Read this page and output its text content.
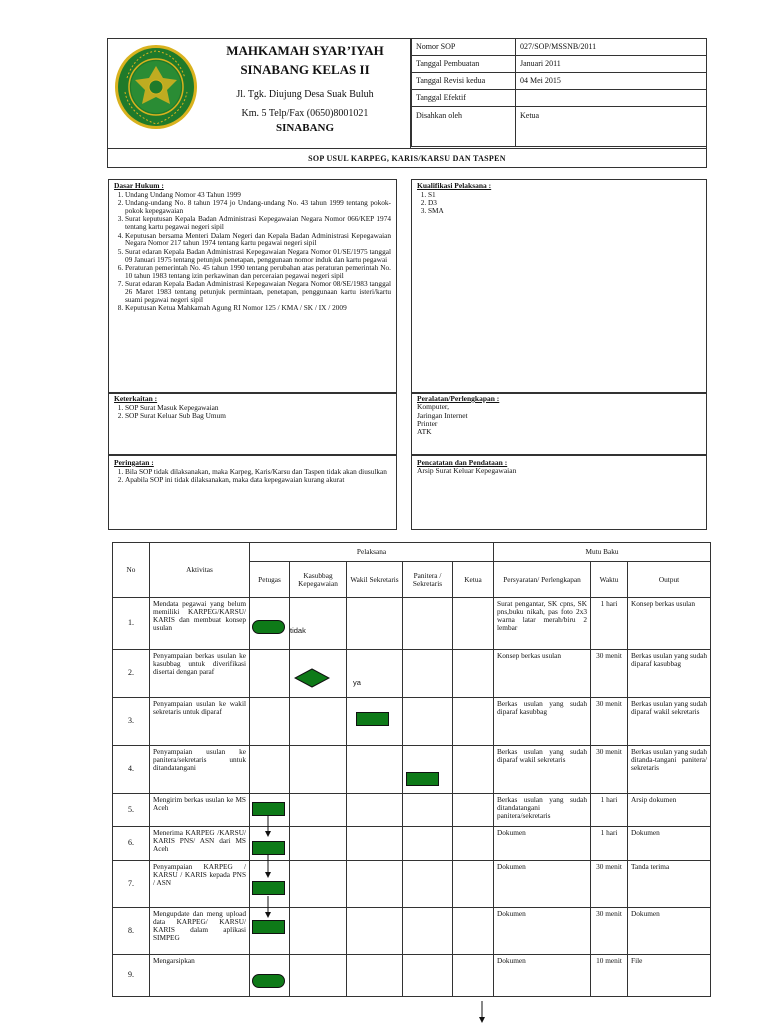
MAHKAMAH SYAR’IYAH
SINABANG KELAS II
Jl. Tgk. Diujung Desa Suak Buluh
Km. 5 Telp/Fax (0650)8001021
SINABANG
Nomor SOP	027/SOP/MSSNB/2011
Tanggal Pembuatan	Januari 2011
Tanggal Revisi kedua	04 Mei 2015
Tanggal Efektif	
Disahkan oleh	Ketua
SOP USUL KARPEG, KARIS/KARSU DAN TASPEN
Dasar Hukum :
1. Undang Undang Nomor 43 Tahun 1999
2. Undang-undang No. 8 tahun 1974 jo Undang-undang No. 43 tahun 1999 tentang pokok-pokok kepegawaian
3. Surat keputusan Kepala Badan Administrasi Kepegawaian Negara Nomor 066/KEP 1974 tentang kartu pegawai negeri sipil
4. Keputusan bersama Menteri Dalam Negeri dan Kepala Badan Administrasi Kepegawaian Negara Nomor 217 tahun 1974 tentang kartu pegawai negeri sipil
5. Surat edaran Kepala Badan Administrasi Kepegawaian Negara Nomor 01/SE/1975 tanggal 09 Januari 1975 tentang petunjuk penetapan, penggunaan nomor induk dan kartu pegawai
6. Peraturan pemerintah No. 45 tahun 1990 tentang perubahan atas peraturan pemerintah No. 10 tahun 1983 tentang izin perkawinan dan perceraian pegawai negeri sipil
7. Surat edaran Kepala Badan Administrasi Kepegawaian Negara Nomor 08/SE/1983 tanggal 26 Maret 1983 tentang petunjuk permintaan, penetapan, penggunaan kartu isteri/kartu suami pegawai negeri sipil
8. Keputusan Ketua Mahkamah Agung RI Nomor 125 / KMA / SK / IX / 2009
Keterkaitan :
1. SOP Surat Masuk Kepegawaian
2. SOP Surat Keluar Sub Bag Umum
Peringatan :
1. Bila SOP tidak dilaksanakan, maka Karpeg, Karis/Karsu dan Taspen tidak akan diusulkan
2. Apabila SOP ini tidak dilaksanakan, maka data kepegawaian kurang akurat
Kualifikasi Pelaksana :
1. S1
2. D3
3. SMA
Peralatan/Perlengkapan :
Komputer,
Jaringan Internet
Printer
ATK
Pencatatan dan Pendataan :
Arsip Surat Keluar Kepegawaian
No	Aktivitas	Pelaksana					Mutu Baku		
		Petugas	Kasubbag Kepegawaian	Wakil Sekretaris	Panitera / Sekretaris	Ketua	Persyaratan/ Perlengkapan	Waktu	Output
1.	Mendata pegawai yang belum memiliki KARPEG/KARSU/ KARIS dan membuat konsep usulan		tidak				Surat pengantar, SK cpns, SK pns,buku nikah, pas foto 2x3 warna latar merah/biru 2 lembar	1 hari	Konsep berkas usulan
2.	Penyampaian berkas usulan ke kasubbag untuk diverifikasi disertai dengan paraf			ya			Konsep berkas usulan	30 menit	Berkas usulan yang sudah diparaf kasubbag
3.	Penyampaian usulan ke wakil sekretaris untuk diparaf						Berkas usulan yang sudah diparaf kasubbag	30 menit	Berkas usulan yang sudah diparaf wakil sekretaris
4.	Penyampaian usulan ke panitera/sekretaris untuk ditandatangani						Berkas usulan yang sudah diparaf wakil sekretaris	30 menit	Berkas usulan yang sudah ditanda-tangani panitera/ sekretaris
5.	Mengirim berkas usulan ke MS Aceh						Berkas usulan yang sudah ditandatangani panitera/sekretaris	1 hari	Arsip dokumen
6.	Menerima KARPEG /KARSU/ KARIS PNS/ ASN dari MS Aceh						Dokumen	1 hari	Dokumen
7.	Penyampaian KARPEG / KARSU / KARIS kepada PNS / ASN						Dokumen	30 menit	Tanda terima
8.	Mengupdate dan meng upload data KARPEG/ KARSU/ KARIS dalam aplikasi SIMPEG						Dokumen	30 menit	Dokumen
9.	Mengarsipkan						Dokumen	10 menit	File
